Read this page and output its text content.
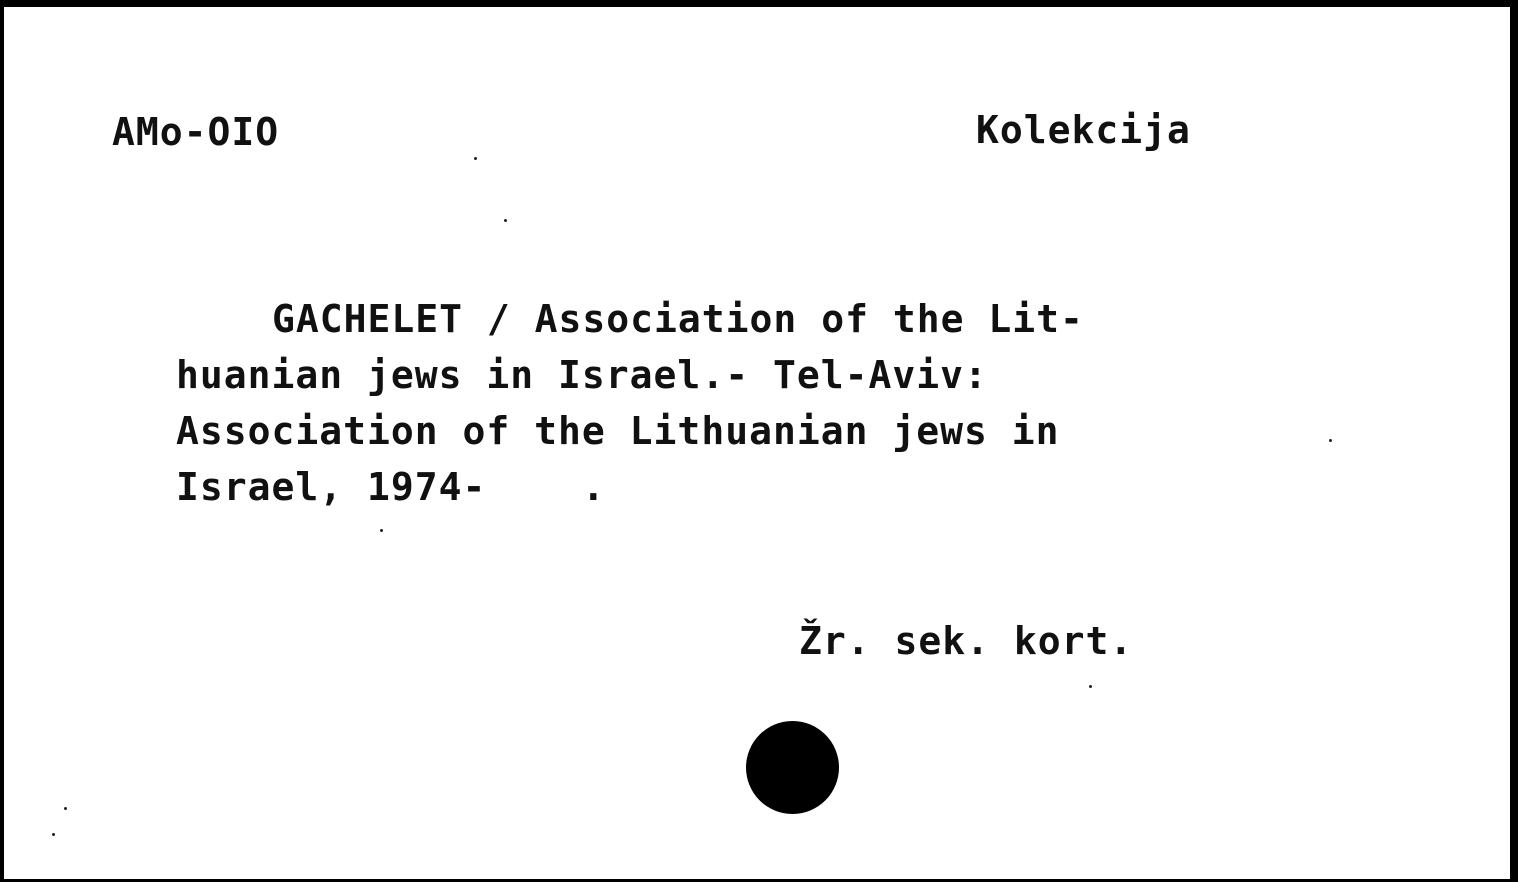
AMo-OIO	Kolekcija
GACHELET / Association of the Lit-
huanian jews in Israel.- Tel-Aviv:
Association of the Lithuanian jews in
Israel, 1974-    .
Žr. sek. kort.
